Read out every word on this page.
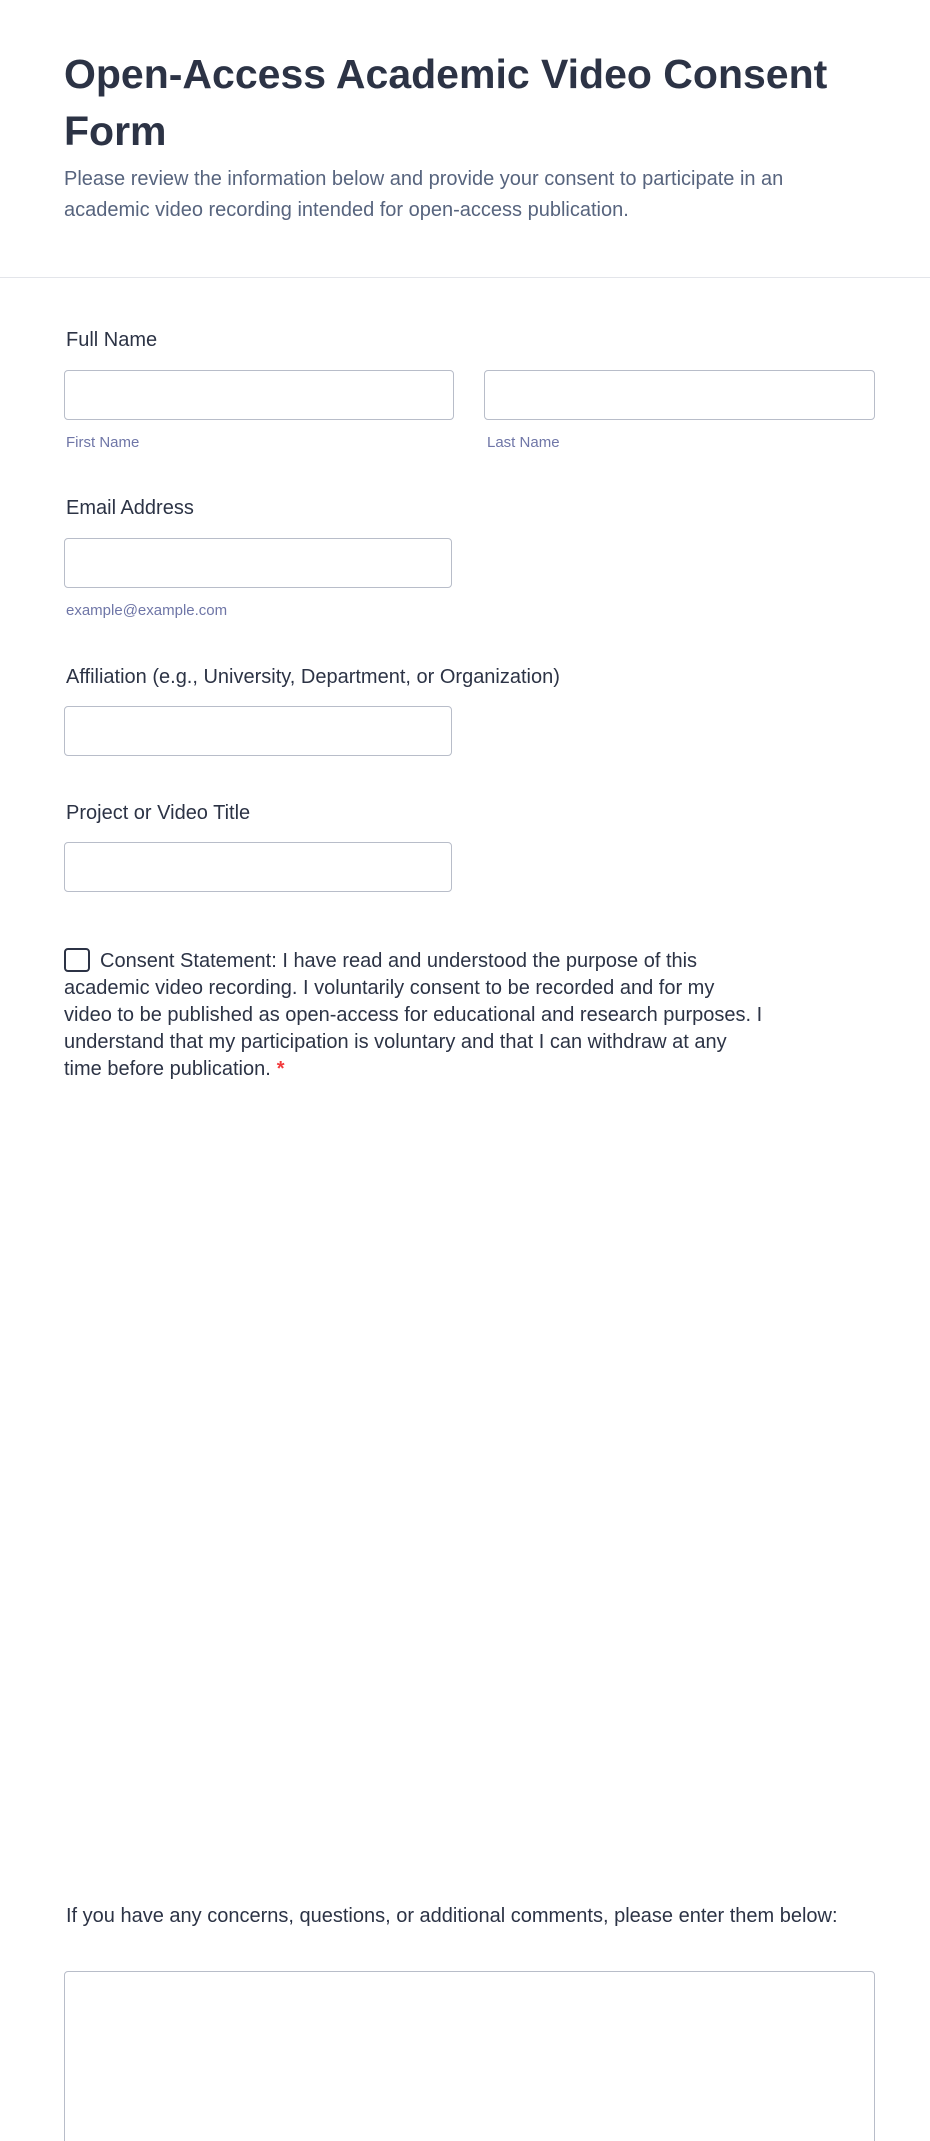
Open-Access Academic Video Consent Form

Please review the information below and provide your consent to participate in an academic video recording intended for open-access publication.

Full Name
First Name	Last Name
Email Address
example@example.com
Affiliation (e.g., University, Department, or Organization)
Project or Video Title
Consent Statement: I have read and understood the purpose of this academic video recording. I voluntarily consent to be recorded and for my video to be published as open-access for educational and research purposes. I understand that my participation is voluntary and that I can withdraw at any time before publication. *
If you have any concerns, questions, or additional comments, please enter them below:
